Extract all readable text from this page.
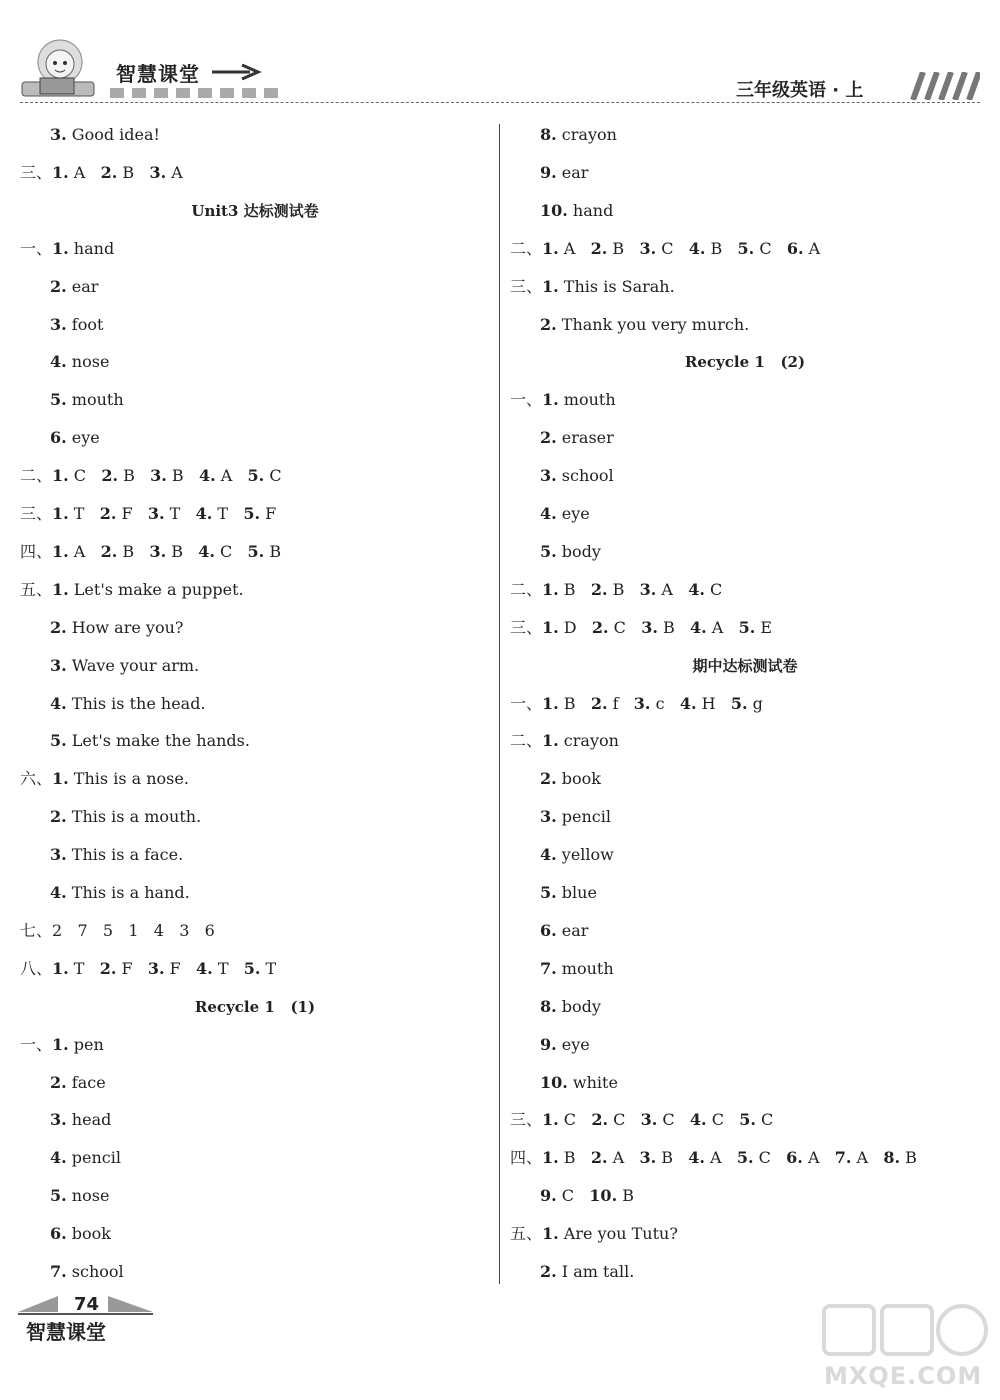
智慧课堂
三年级英语 · 上
3. Good idea!
三、1. A   2. B   3. A
Unit3 达标测试卷
一、1. hand
2. ear
3. foot
4. nose
5. mouth
6. eye
二、1. C   2. B   3. B   4. A   5. C
三、1. T   2. F   3. T   4. T   5. F
四、1. A   2. B   3. B   4. C   5. B
五、1. Let's make a puppet.
2. How are you?
3. Wave your arm.
4. This is the head.
5. Let's make the hands.
六、1. This is a nose.
2. This is a mouth.
3. This is a face.
4. This is a hand.
七、2   7   5   1   4   3   6
八、1. T   2. F   3. F   4. T   5. T
Recycle 1   (1)
一、1. pen
2. face
3. head
4. pencil
5. nose
6. book
7. school
8. crayon
9. ear
10. hand
二、1. A   2. B   3. C   4. B   5. C   6. A
三、1. This is Sarah.
2. Thank you very murch.
Recycle 1   (2)
一、1. mouth
2. eraser
3. school
4. eye
5. body
二、1. B   2. B   3. A   4. C
三、1. D   2. C   3. B   4. A   5. E
期中达标测试卷
一、1. B   2. f   3. c   4. H   5. g
二、1. crayon
2. book
3. pencil
4. yellow
5. blue
6. ear
7. mouth
8. body
9. eye
10. white
三、1. C   2. C   3. C   4. C   5. C
四、1. B   2. A   3. B   4. A   5. C   6. A   7. A   8. B
9. C   10. B
五、1. Are you Tutu?
2. I am tall.
74
智慧课堂
MXQE.COM
